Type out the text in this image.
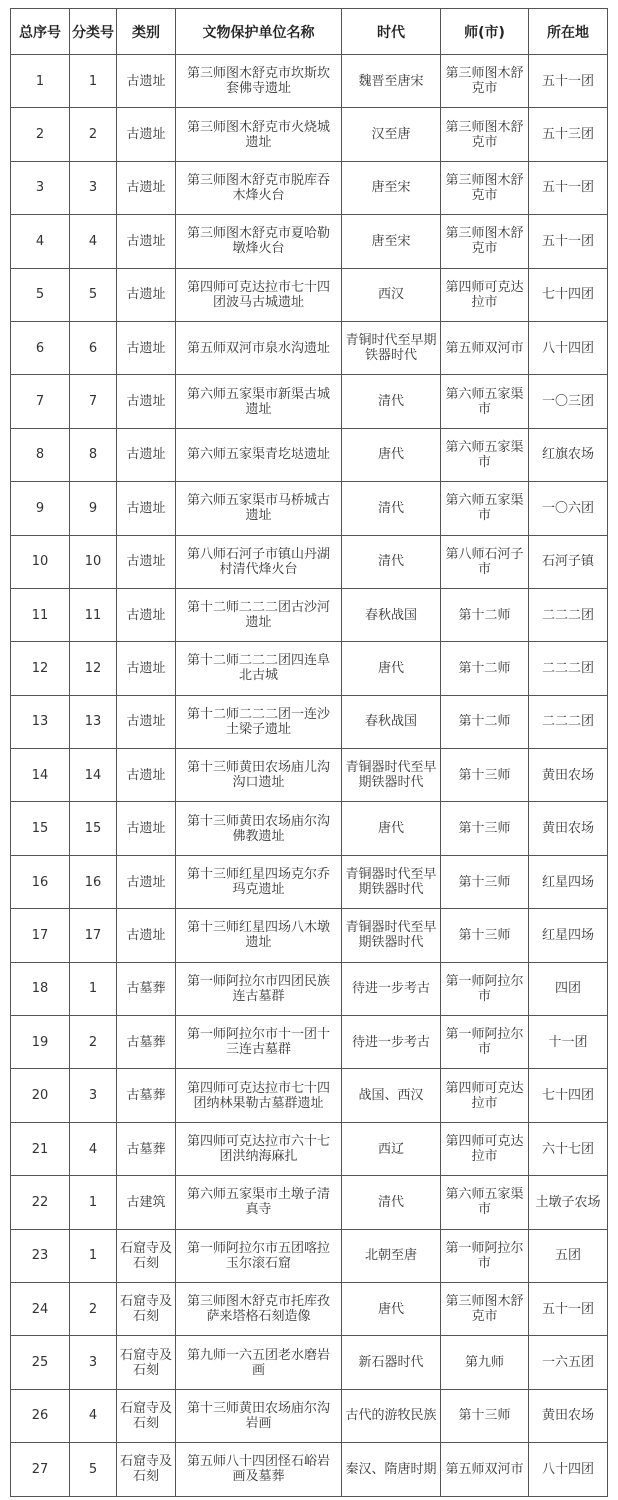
总序号	分类号	类别	文物保护单位名称	时代	师(市)	所在地
1	1	古遗址	第三师图木舒克市坎斯坎套佛寺遗址	魏晋至唐宋	第三师图木舒克市	五十一团
2	2	古遗址	第三师图木舒克市火烧城遗址	汉至唐	第三师图木舒克市	五十三团
3	3	古遗址	第三师图木舒克市脱库吞木烽火台	唐至宋	第三师图木舒克市	五十一团
4	4	古遗址	第三师图木舒克市夏哈勒墩烽火台	唐至宋	第三师图木舒克市	五十一团
5	5	古遗址	第四师可克达拉市七十四团波马古城遗址	西汉	第四师可克达拉市	七十四团
6	6	古遗址	第五师双河市泉水沟遗址	青铜时代至早期铁器时代	第五师双河市	八十四团
7	7	古遗址	第六师五家渠市新渠古城遗址	清代	第六师五家渠市	一〇三团
8	8	古遗址	第六师五家渠青圪垯遗址	唐代	第六师五家渠市	红旗农场
9	9	古遗址	第六师五家渠市马桥城古遗址	清代	第六师五家渠市	一〇六团
10	10	古遗址	第八师石河子市镇山丹湖村清代烽火台	清代	第八师石河子市	石河子镇
11	11	古遗址	第十二师二二二团古沙河遗址	春秋战国	第十二师	二二二团
12	12	古遗址	第十二师二二二团四连阜北古城	唐代	第十二师	二二二团
13	13	古遗址	第十二师二二二团一连沙土梁子遗址	春秋战国	第十二师	二二二团
14	14	古遗址	第十三师黄田农场庙儿沟沟口遗址	青铜器时代至早期铁器时代	第十三师	黄田农场
15	15	古遗址	第十三师黄田农场庙尔沟佛教遗址	唐代	第十三师	黄田农场
16	16	古遗址	第十三师红星四场克尔乔玛克遗址	青铜器时代至早期铁器时代	第十三师	红星四场
17	17	古遗址	第十三师红星四场八木墩遗址	青铜器时代至早期铁器时代	第十三师	红星四场
18	1	古墓葬	第一师阿拉尔市四团民族连古墓群	待进一步考古	第一师阿拉尔市	四团
19	2	古墓葬	第一师阿拉尔市十一团十三连古墓群	待进一步考古	第一师阿拉尔市	十一团
20	3	古墓葬	第四师可克达拉市七十四团纳林果勒古墓群遗址	战国、西汉	第四师可克达拉市	七十四团
21	4	古墓葬	第四师可克达拉市六十七团洪纳海麻扎	西辽	第四师可克达拉市	六十七团
22	1	古建筑	第六师五家渠市土墩子清真寺	清代	第六师五家渠市	土墩子农场
23	1	石窟寺及石刻	第一师阿拉尔市五团喀拉玉尔滚石窟	北朝至唐	第一师阿拉尔市	五团
24	2	石窟寺及石刻	第三师图木舒克市托库孜萨来塔格石刻造像	唐代	第三师图木舒克市	五十一团
25	3	石窟寺及石刻	第九师一六五团老水磨岩画	新石器时代	第九师	一六五团
26	4	石窟寺及石刻	第十三师黄田农场庙尔沟岩画	古代的游牧民族	第十三师	黄田农场
27	5	石窟寺及石刻	第五师八十四团怪石峪岩画及墓葬	秦汉、隋唐时期	第五师双河市	八十四团
